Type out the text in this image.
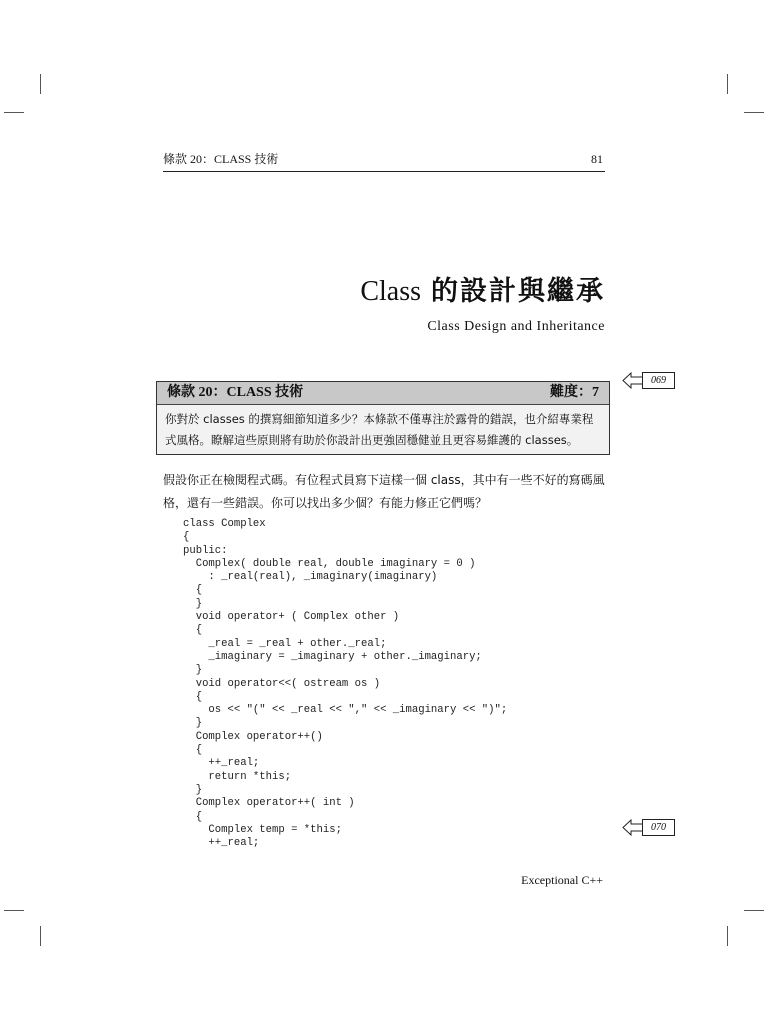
條款 20：CLASS 技術	81
Class 的設計與繼承
Class Design and Inheritance
條款 20：CLASS 技術	難度：7
你對於 classes 的撰寫細節知道多少？本條款不僅專注於露骨的錯誤，也介紹專業程式風格。瞭解這些原則將有助於你設計出更強固穩健並且更容易維護的 classes。
069
070
假設你正在檢閱程式碼。有位程式員寫下這樣一個 class，其中有一些不好的寫碼風格，還有一些錯誤。你可以找出多少個？有能力修正它們嗎？
class Complex
{
public:
Complex( double real, double imaginary = 0 )
: _real(real), _imaginary(imaginary)
{
}
void operator+ ( Complex other )
{
_real = _real + other._real;
_imaginary = _imaginary + other._imaginary;
}
void operator<<( ostream os )
{
os << "(" << _real << "," << _imaginary << ")";
}
Complex operator++()
{
++_real;
return *this;
}
Complex operator++( int )
{
Complex temp = *this;
++_real;
Exceptional C++
